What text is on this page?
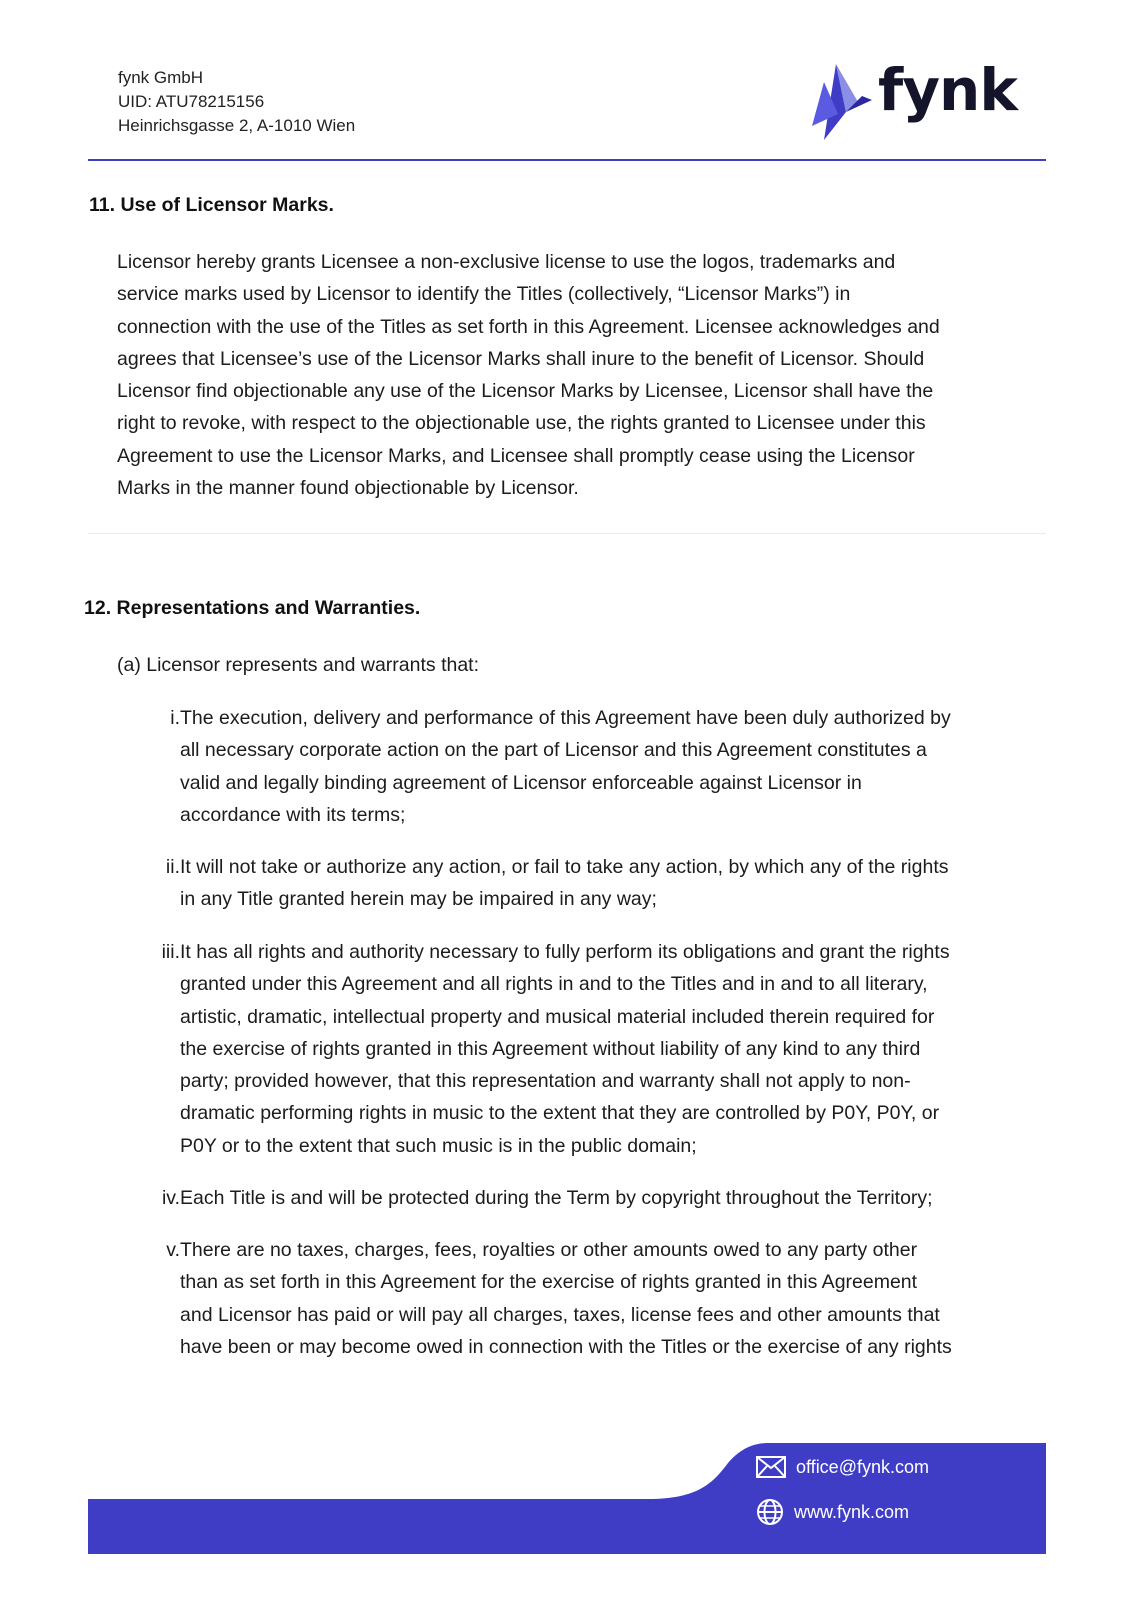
fynk GmbH
UID: ATU78215156
Heinrichsgasse 2, A-1010 Wien
fynk
11. Use of Licensor Marks.
Licensor hereby grants Licensee a non-exclusive license to use the logos, trademarks and
service marks used by Licensor to identify the Titles (collectively, “Licensor Marks”) in
connection with the use of the Titles as set forth in this Agreement. Licensee acknowledges and
agrees that Licensee’s use of the Licensor Marks shall inure to the benefit of Licensor. Should
Licensor find objectionable any use of the Licensor Marks by Licensee, Licensor shall have the
right to revoke, with respect to the objectionable use, the rights granted to Licensee under this
Agreement to use the Licensor Marks, and Licensee shall promptly cease using the Licensor
Marks in the manner found objectionable by Licensor.
12. Representations and Warranties.
(a) Licensor represents and warrants that:
i. The execution, delivery and performance of this Agreement have been duly authorized by
all necessary corporate action on the part of Licensor and this Agreement constitutes a
valid and legally binding agreement of Licensor enforceable against Licensor in
accordance with its terms;
ii. It will not take or authorize any action, or fail to take any action, by which any of the rights
in any Title granted herein may be impaired in any way;
iii. It has all rights and authority necessary to fully perform its obligations and grant the rights
granted under this Agreement and all rights in and to the Titles and in and to all literary,
artistic, dramatic, intellectual property and musical material included therein required for
the exercise of rights granted in this Agreement without liability of any kind to any third
party; provided however, that this representation and warranty shall not apply to non-
dramatic performing rights in music to the extent that they are controlled by P0Y, P0Y, or
P0Y or to the extent that such music is in the public domain;
iv. Each Title is and will be protected during the Term by copyright throughout the Territory;
v. There are no taxes, charges, fees, royalties or other amounts owed to any party other
than as set forth in this Agreement for the exercise of rights granted in this Agreement
and Licensor has paid or will pay all charges, taxes, license fees and other amounts that
have been or may become owed in connection with the Titles or the exercise of any rights
office@fynk.com
www.fynk.com
